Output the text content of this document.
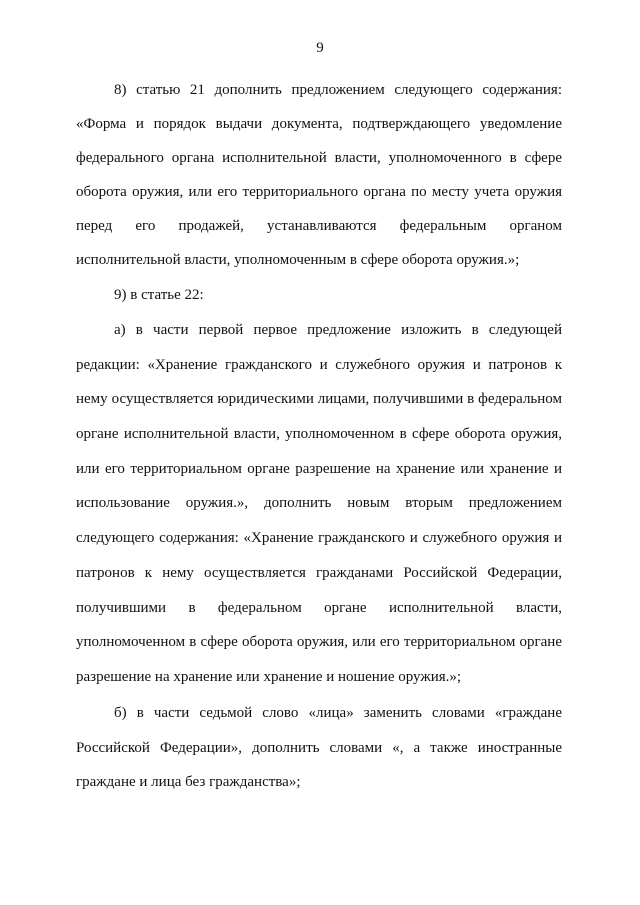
9
8) статью 21 дополнить предложением следующего содержания:
«Форма и порядок выдачи документа, подтверждающего уведомление
федерального органа исполнительной власти, уполномоченного в сфере
оборота оружия, или его территориального органа по месту учета оружия
перед его продажей, устанавливаются федеральным органом
исполнительной власти, уполномоченным в сфере оборота оружия.»;
9) в статье 22:
а) в части первой первое предложение изложить в следующей
редакции: «Хранение гражданского и служебного оружия и патронов к
нему осуществляется юридическими лицами, получившими в федеральном
органе исполнительной власти, уполномоченном в сфере оборота оружия,
или его территориальном органе разрешение на хранение или хранение и
использование оружия.», дополнить новым вторым предложением
следующего содержания: «Хранение гражданского и служебного оружия и
патронов к нему осуществляется гражданами Российской Федерации,
получившими в федеральном органе исполнительной власти,
уполномоченном в сфере оборота оружия, или его территориальном органе
разрешение на хранение или хранение и ношение оружия.»;
б) в части седьмой слово «лица» заменить словами «граждане
Российской Федерации», дополнить словами «, а также иностранные
граждане и лица без гражданства»;
